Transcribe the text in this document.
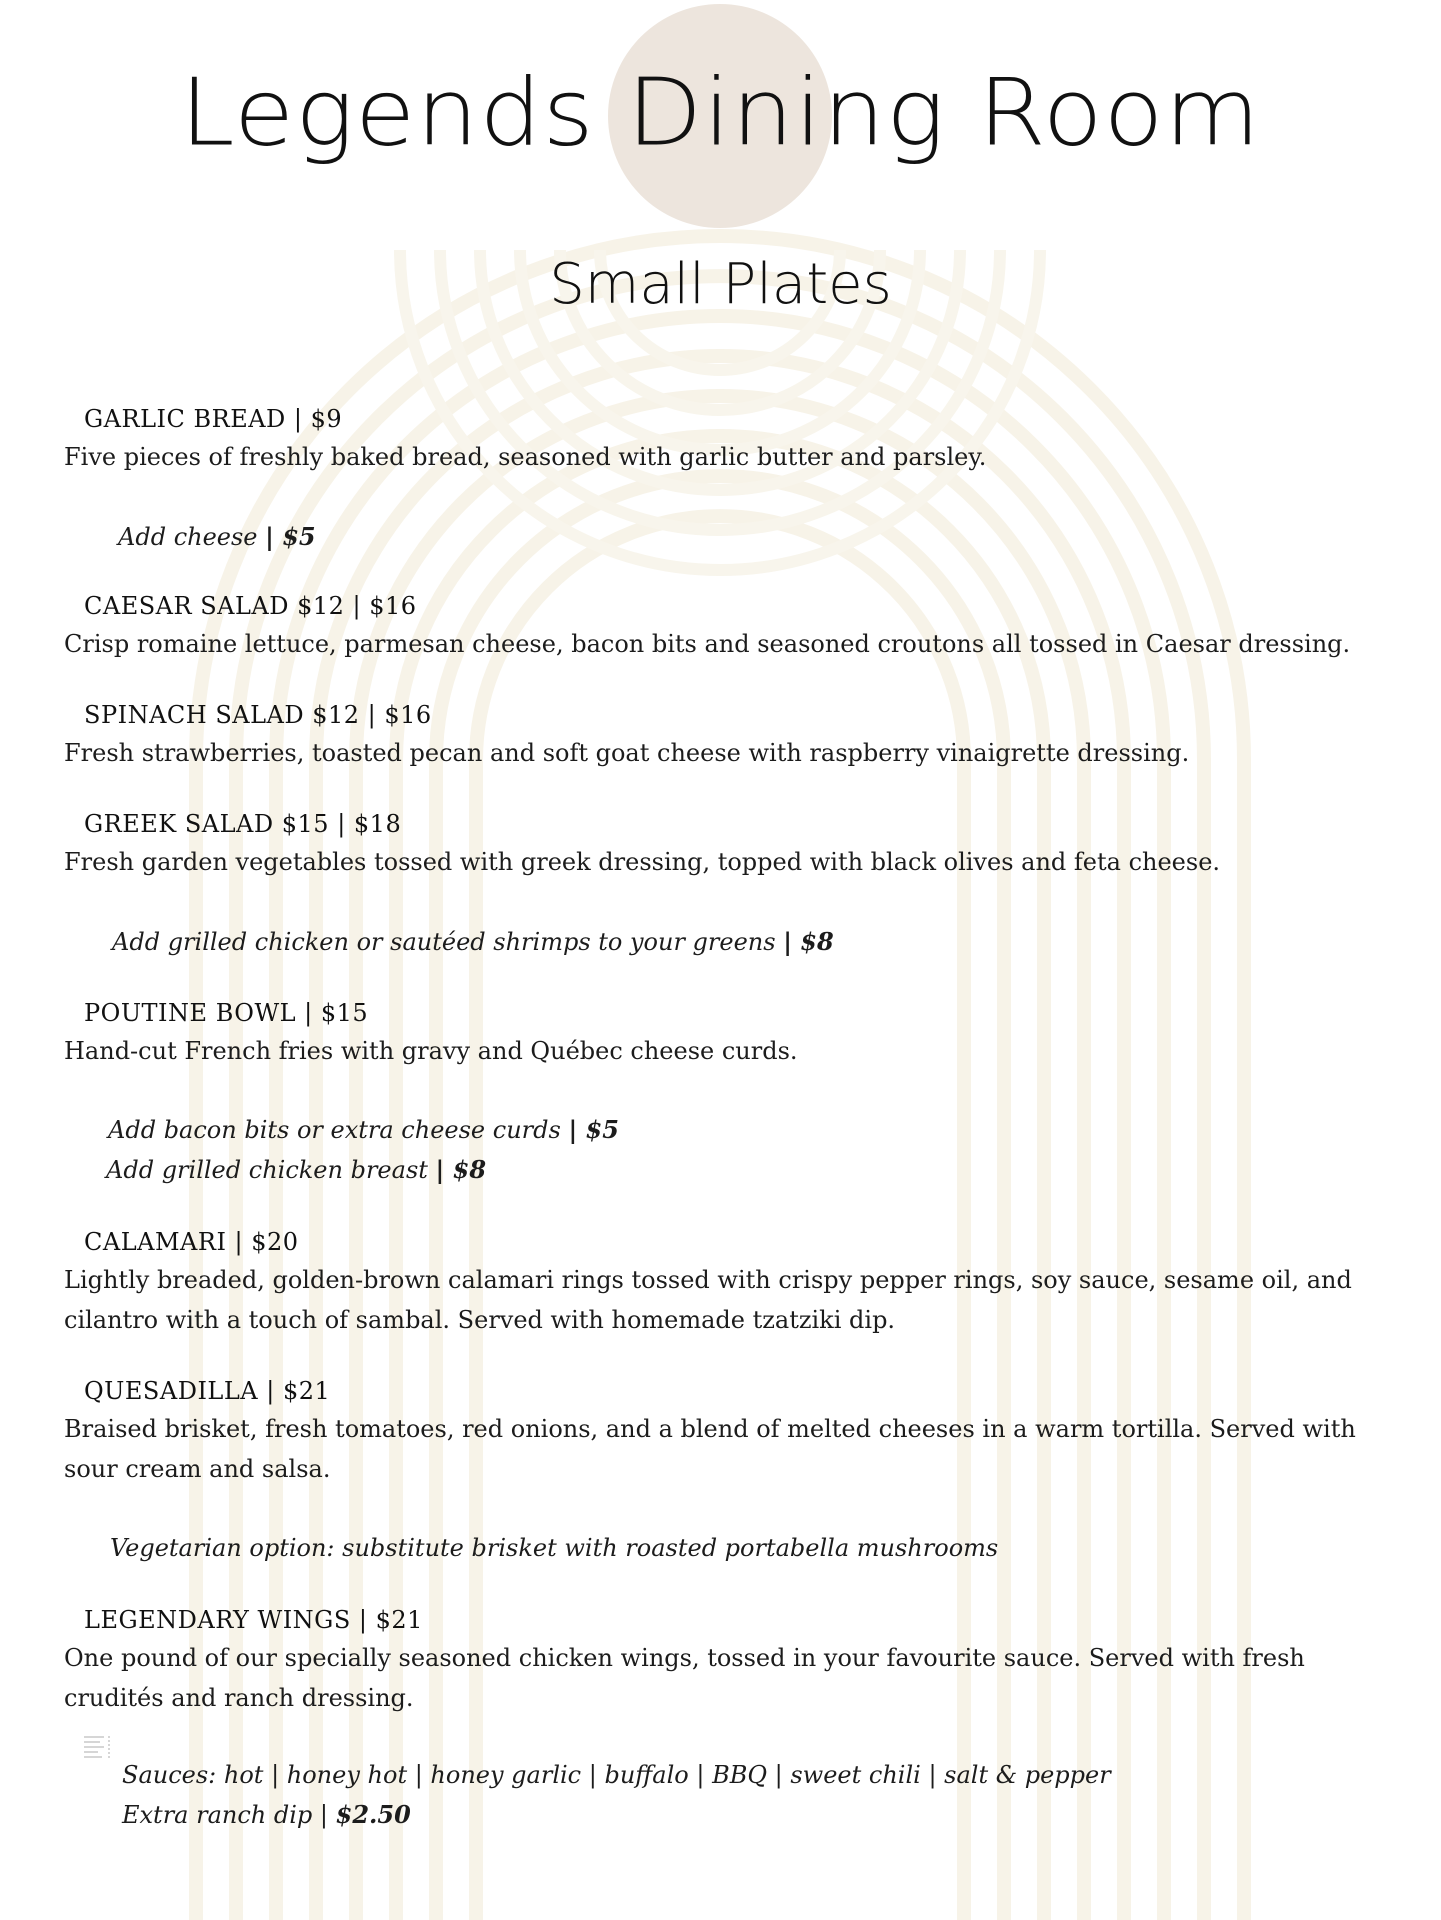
Legends Dining Room
Small Plates
GARLIC BREAD | $9
Five pieces of freshly baked bread, seasoned with garlic butter and parsley.
Add cheese | $5
CAESAR SALAD $12 | $16
Crisp romaine lettuce, parmesan cheese, bacon bits and seasoned croutons all tossed in Caesar dressing.
SPINACH SALAD $12 | $16
Fresh strawberries, toasted pecan and soft goat cheese with raspberry vinaigrette dressing.
GREEK SALAD $15 | $18
Fresh garden vegetables tossed with greek dressing, topped with black olives and feta cheese.
Add grilled chicken or sautéed shrimps to your greens | $8
POUTINE BOWL | $15
Hand-cut French fries with gravy and Québec cheese curds.
Add bacon bits or extra cheese curds | $5
Add grilled chicken breast | $8
CALAMARI | $20
Lightly breaded, golden-brown calamari rings tossed with crispy pepper rings, soy sauce, sesame oil, and cilantro with a touch of sambal. Served with homemade tzatziki dip.
QUESADILLA | $21
Braised brisket, fresh tomatoes, red onions, and a blend of melted cheeses in a warm tortilla. Served with sour cream and salsa.
Vegetarian option: substitute brisket with roasted portabella mushrooms
LEGENDARY WINGS | $21
One pound of our specially seasoned chicken wings, tossed in your favourite sauce. Served with fresh crudités and ranch dressing.
Sauces: hot | honey hot | honey garlic | buffalo | BBQ | sweet chili | salt & pepper
Extra ranch dip | $2.50
